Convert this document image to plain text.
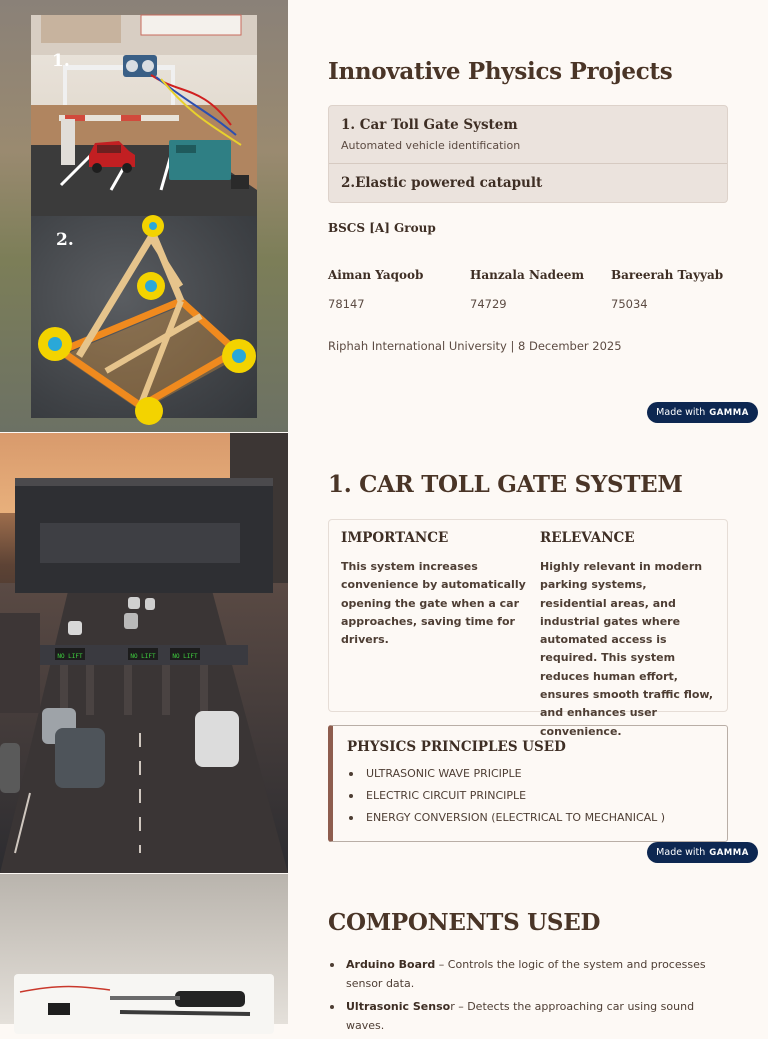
1.
2.
Innovative Physics Projects
1. Car Toll Gate System
Automated vehicle identification
2.Elastic powered catapult
BSCS [A] Group
Aiman Yaqoob
78147
Hanzala Nadeem
74729
Bareerah Tayyab
75034
Riphah International University | 8 December 2025
Made with GAMMA
NO LIFT	NO LIFT	NO LIFT
1. CAR TOLL GATE SYSTEM
IMPORTANCE
This system increases convenience by automatically opening the gate when a car approaches, saving time for drivers.
RELEVANCE
Highly relevant in modern parking systems, residential areas, and industrial gates where automated access is required. This system reduces human effort, ensures smooth traffic flow, and enhances user convenience.
PHYSICS PRINCIPLES USED
ULTRASONIC WAVE PRICIPLE
ELECTRIC CIRCUIT PRINCIPLE
ENERGY CONVERSION (ELECTRICAL TO MECHANICAL )
Made with GAMMA
COMPONENTS USED
Arduino Board – Controls the logic of the system and processes sensor data.
Ultrasonic Sensor – Detects the approaching car using sound waves.
